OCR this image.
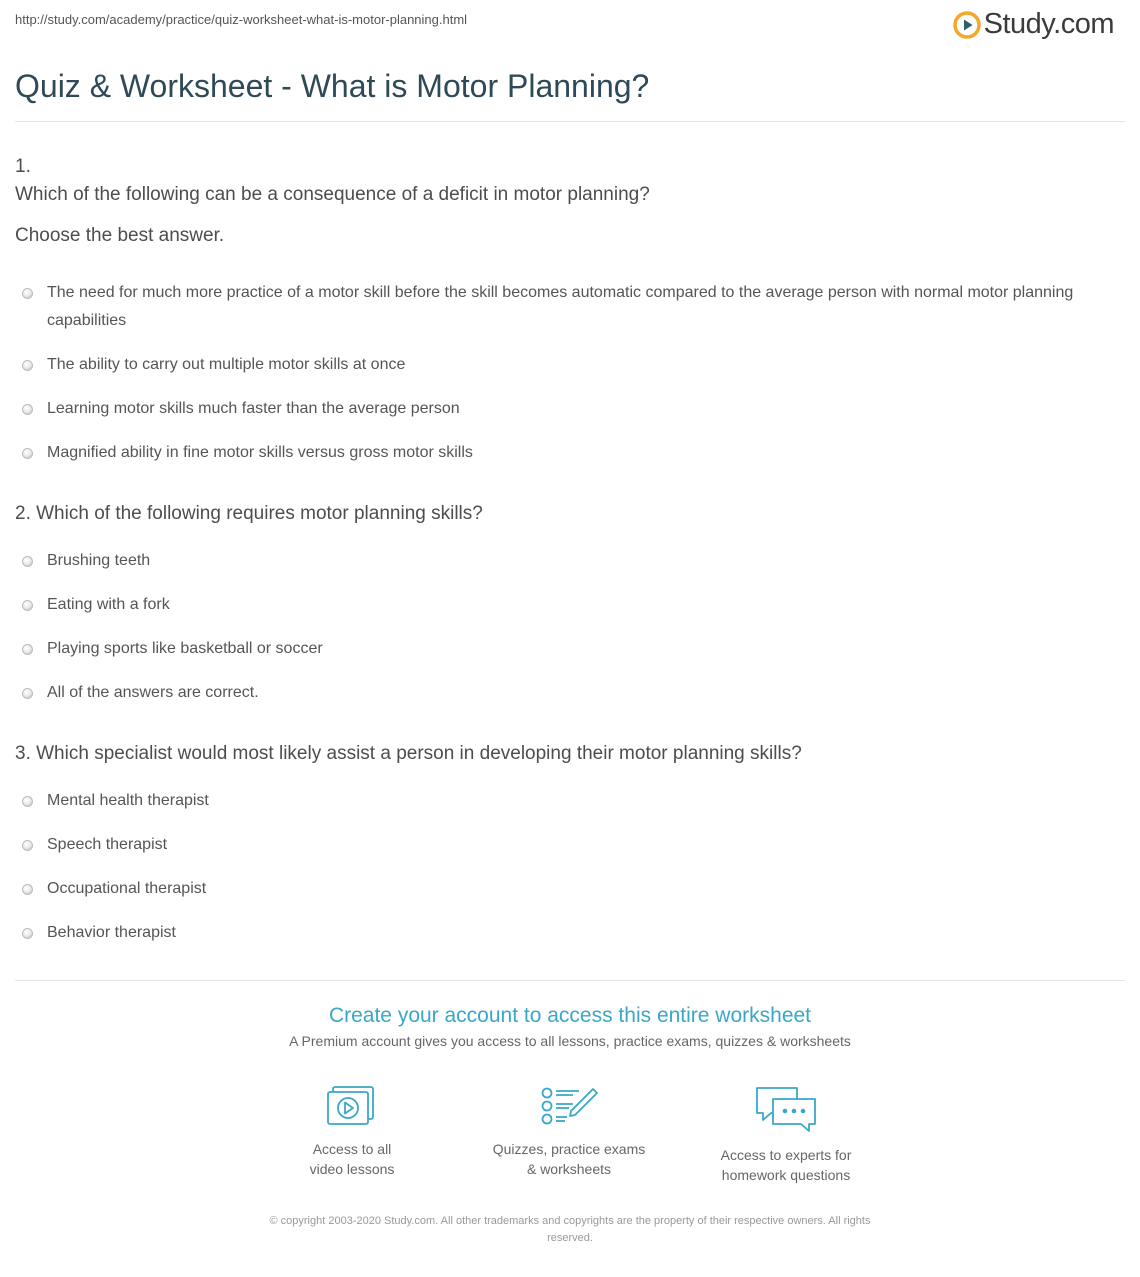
http://study.com/academy/practice/quiz-worksheet-what-is-motor-planning.html	Study.com
Quiz & Worksheet - What is Motor Planning?
1.
Which of the following can be a consequence of a deficit in motor planning?
Choose the best answer.
The need for much more practice of a motor skill before the skill becomes automatic compared to the average person with normal motor planning capabilities
The ability to carry out multiple motor skills at once
Learning motor skills much faster than the average person
Magnified ability in fine motor skills versus gross motor skills
2. Which of the following requires motor planning skills?
Brushing teeth
Eating with a fork
Playing sports like basketball or soccer
All of the answers are correct.
3. Which specialist would most likely assist a person in developing their motor planning skills?
Mental health therapist
Speech therapist
Occupational therapist
Behavior therapist
Create your account to access this entire worksheet
A Premium account gives you access to all lessons, practice exams, quizzes & worksheets
Access to all
video lessons
Quizzes, practice exams
& worksheets
Access to experts for
homework questions
© copyright 2003-2020 Study.com. All other trademarks and copyrights are the property of their respective owners. All rights
reserved.
